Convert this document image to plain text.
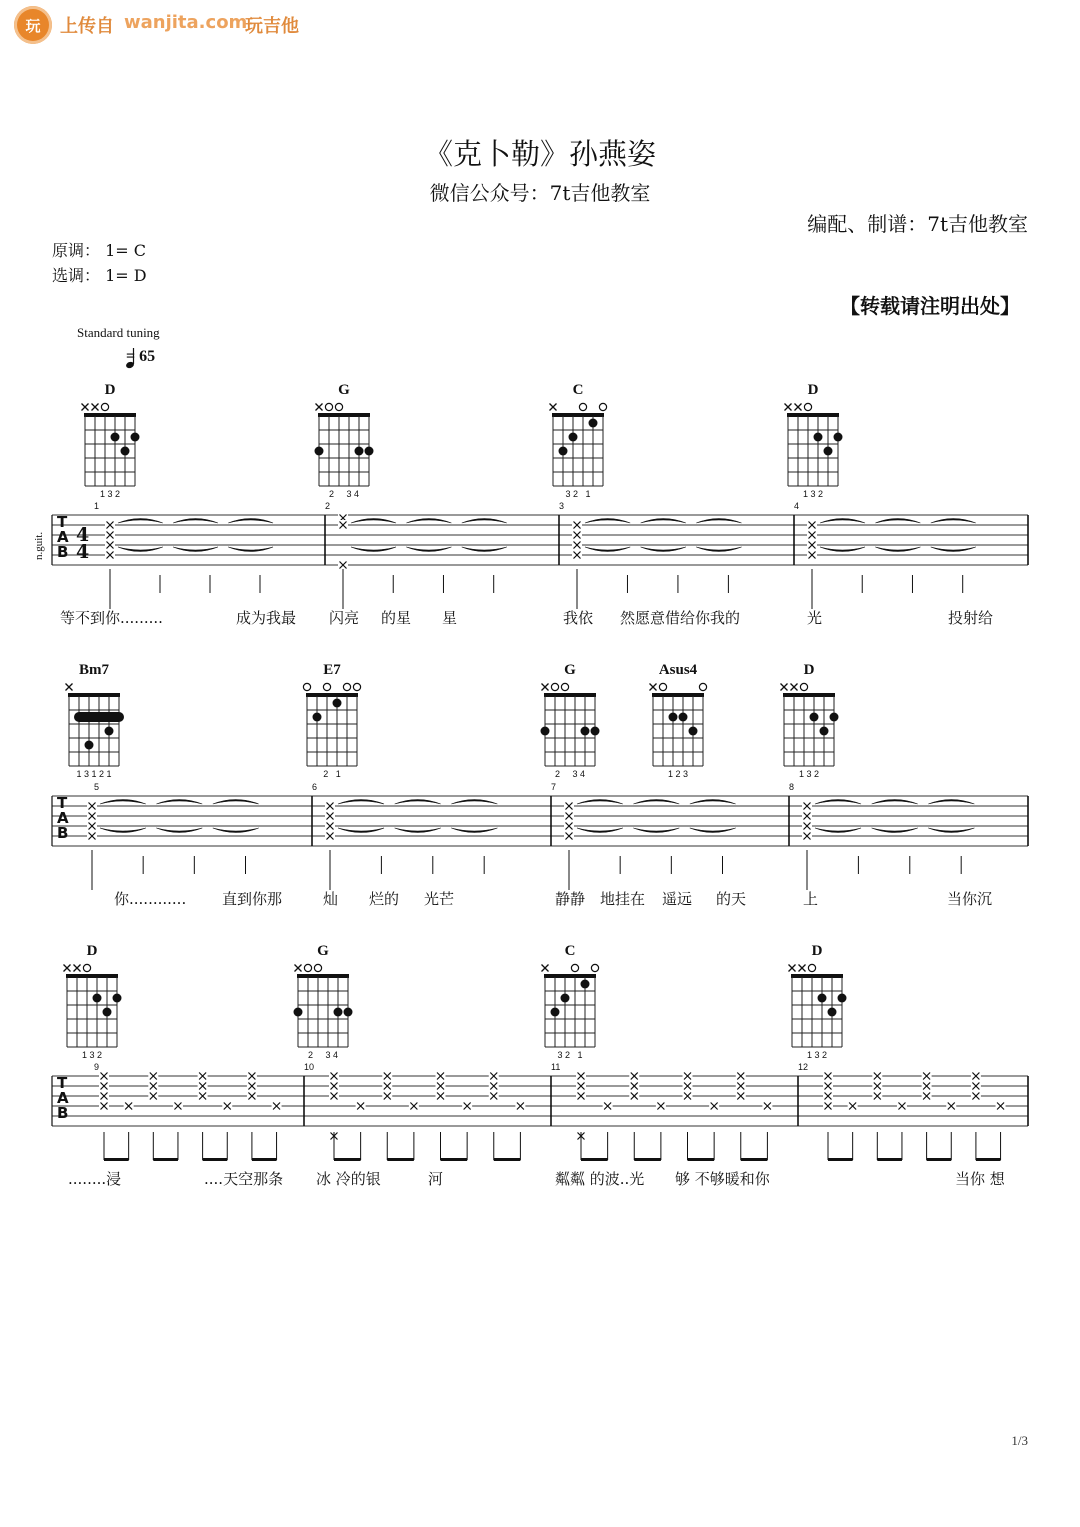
玩 上传自 wanjita.com
玩吉他
《克卜勒》孙燕姿
微信公众号：7t吉他教室
编配、制谱：7t吉他教室
原调： 1= C
选调： 1= D
【转载请注明出处】
Standard tuning
T
A
B
T
A
B
T
A
B
4
4
n.guit.
= 65
D
1 3 2
G
2     3 4
C
3 2   1
D
1 3 2
1	2	3	4
等不到你.........	成为我最 闪亮 的星 星	我依 然愿意借给你我的	光	投射给
Bm7
1 3 1 2 1
E7
2   1
G
2     3 4
Asus4
1 2 3
D
1 3 2
5	6	7	8
你............ 直到你那	灿 烂的 光芒	静静 地挂在 遥远 的天	上	当你沉
D
1 3 2
G
2     3 4
C
3 2   1
D
1 3 2
9	10	11	12
........浸	....天空那条 冰 冷的银	河	粼粼 的波..光 够 不够暖和你	当你 想
1/3
